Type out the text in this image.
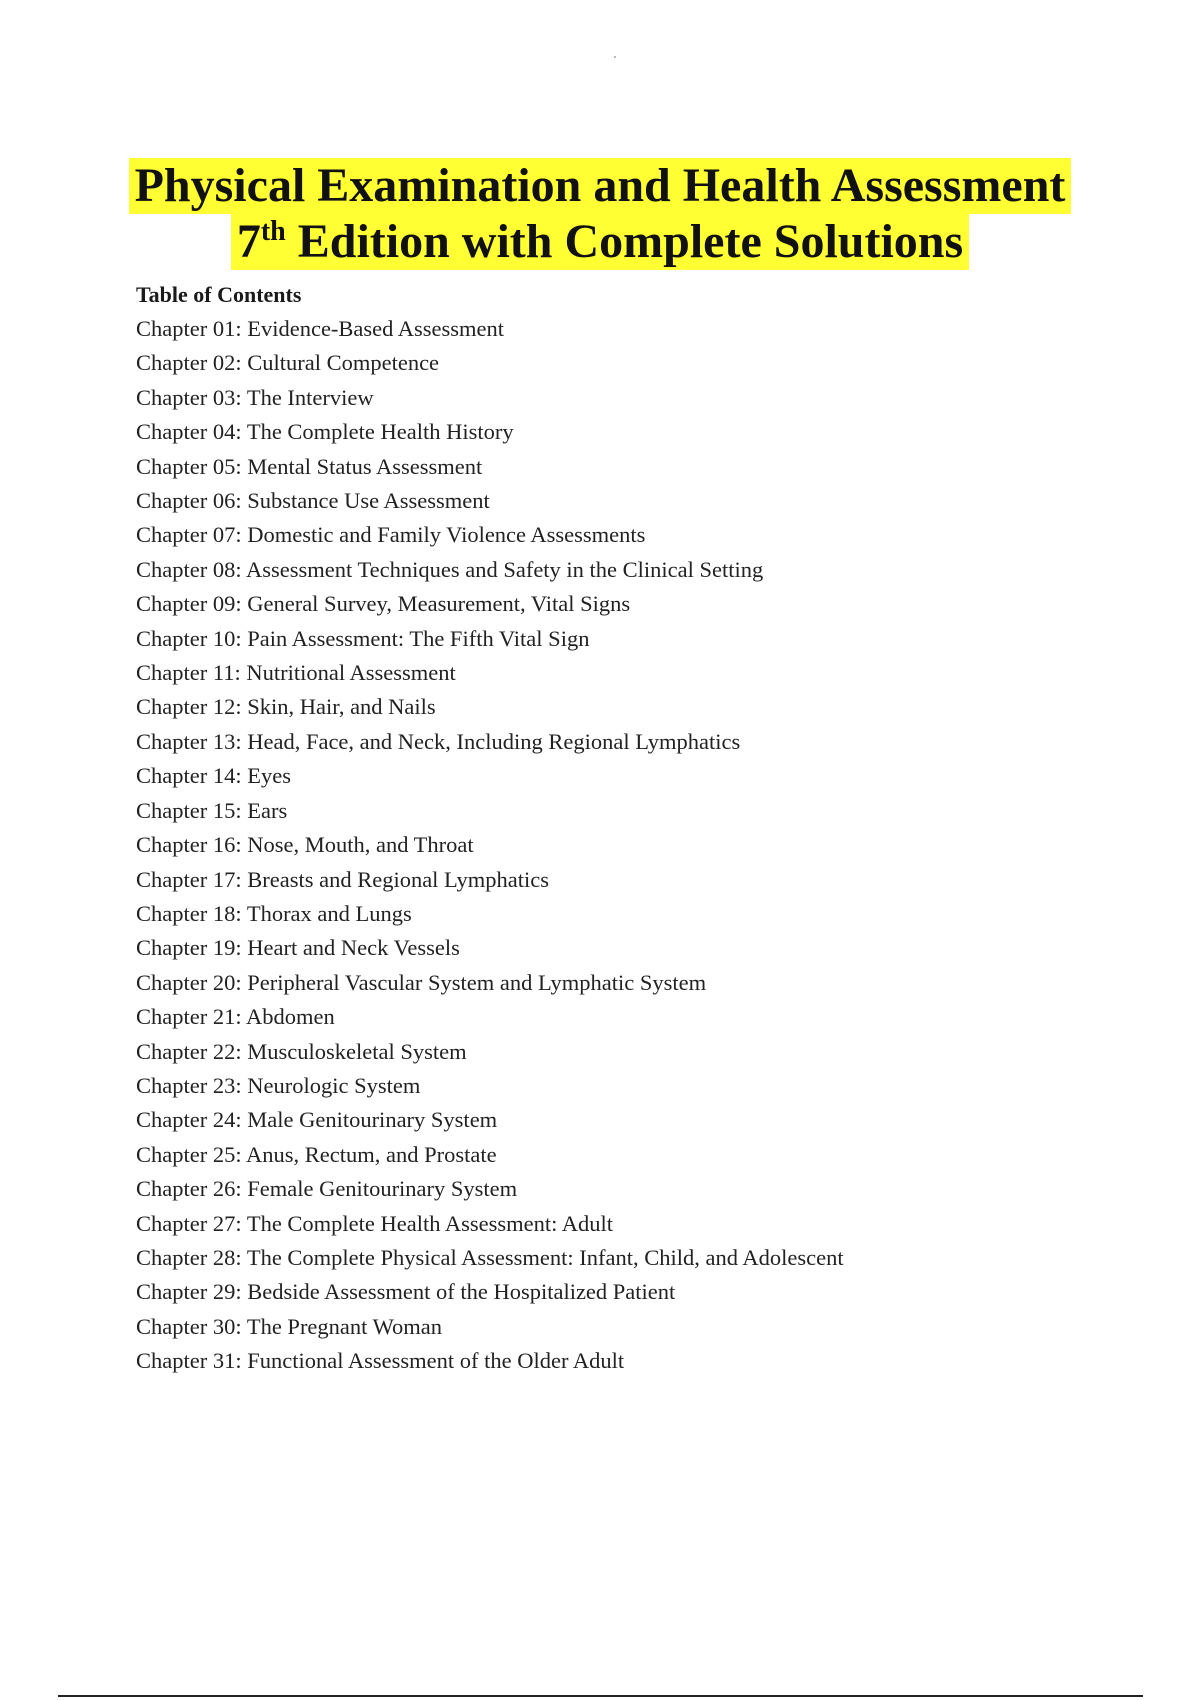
Physical Examination and Health Assessment
7th Edition with Complete Solutions
Table of Contents
Chapter 01: Evidence-Based Assessment
Chapter 02: Cultural Competence
Chapter 03: The Interview
Chapter 04: The Complete Health History
Chapter 05: Mental Status Assessment
Chapter 06: Substance Use Assessment
Chapter 07: Domestic and Family Violence Assessments
Chapter 08: Assessment Techniques and Safety in the Clinical Setting
Chapter 09: General Survey, Measurement, Vital Signs
Chapter 10: Pain Assessment: The Fifth Vital Sign
Chapter 11: Nutritional Assessment
Chapter 12: Skin, Hair, and Nails
Chapter 13: Head, Face, and Neck, Including Regional Lymphatics
Chapter 14: Eyes
Chapter 15: Ears
Chapter 16: Nose, Mouth, and Throat
Chapter 17: Breasts and Regional Lymphatics
Chapter 18: Thorax and Lungs
Chapter 19: Heart and Neck Vessels
Chapter 20: Peripheral Vascular System and Lymphatic System
Chapter 21: Abdomen
Chapter 22: Musculoskeletal System
Chapter 23: Neurologic System
Chapter 24: Male Genitourinary System
Chapter 25: Anus, Rectum, and Prostate
Chapter 26: Female Genitourinary System
Chapter 27: The Complete Health Assessment: Adult
Chapter 28: The Complete Physical Assessment: Infant, Child, and Adolescent
Chapter 29: Bedside Assessment of the Hospitalized Patient
Chapter 30: The Pregnant Woman
Chapter 31: Functional Assessment of the Older Adult
